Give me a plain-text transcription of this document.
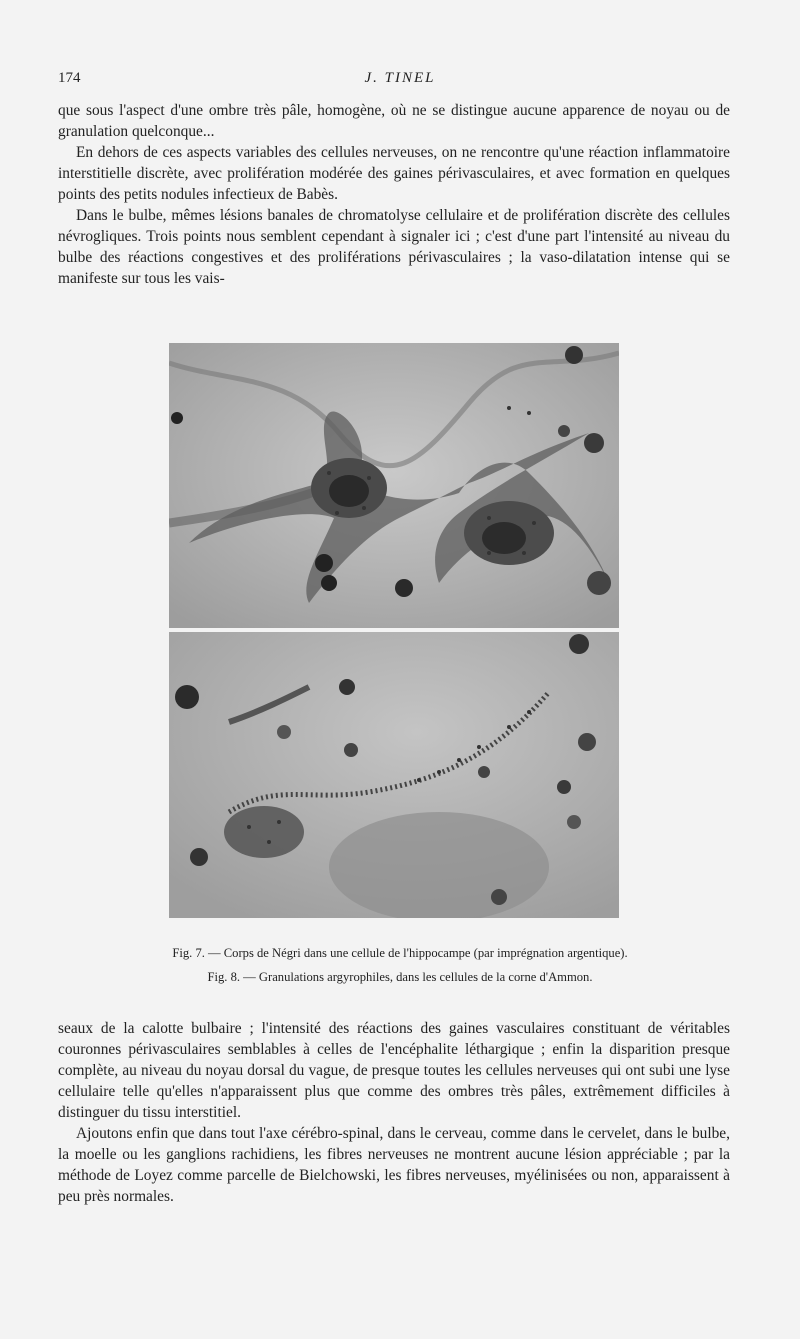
174	J. TINEL

que sous l'aspect d'une ombre très pâle, homogène, où ne se distingue aucune apparence de noyau ou de granulation quelconque...

En dehors de ces aspects variables des cellules nerveuses, on ne rencontre qu'une réaction inflammatoire interstitielle discrète, avec prolifération modérée des gaines périvasculaires, et avec formation en quelques points des petits nodules infectieux de Babès.

Dans le bulbe, mêmes lésions banales de chromatolyse cellulaire et de prolifération discrète des cellules névrogliques. Trois points nous semblent cependant à signaler ici ; c'est d'une part l'intensité au niveau du bulbe des réactions congestives et des proliférations périvasculaires ; la vaso-dilatation intense qui se manifeste sur tous les vais-

Fig. 7. — Corps de Négri dans une cellule de l'hippocampe (par imprégnation argentique).
Fig. 8. — Granulations argyrophiles, dans les cellules de la corne d'Ammon.

seaux de la calotte bulbaire ; l'intensité des réactions des gaines vasculaires constituant de véritables couronnes périvasculaires semblables à celles de l'encéphalite léthargique ; enfin la disparition presque complète, au niveau du noyau dorsal du vague, de presque toutes les cellules nerveuses qui ont subi une lyse cellulaire telle qu'elles n'apparaissent plus que comme des ombres très pâles, extrêmement difficiles à distinguer du tissu interstitiel.

Ajoutons enfin que dans tout l'axe cérébro-spinal, dans le cerveau, comme dans le cervelet, dans le bulbe, la moelle ou les ganglions rachidiens, les fibres nerveuses ne montrent aucune lésion appréciable ; par la méthode de Loyez comme parcelle de Bielchowski, les fibres nerveuses, myélinisées ou non, apparaissent à peu près normales.
